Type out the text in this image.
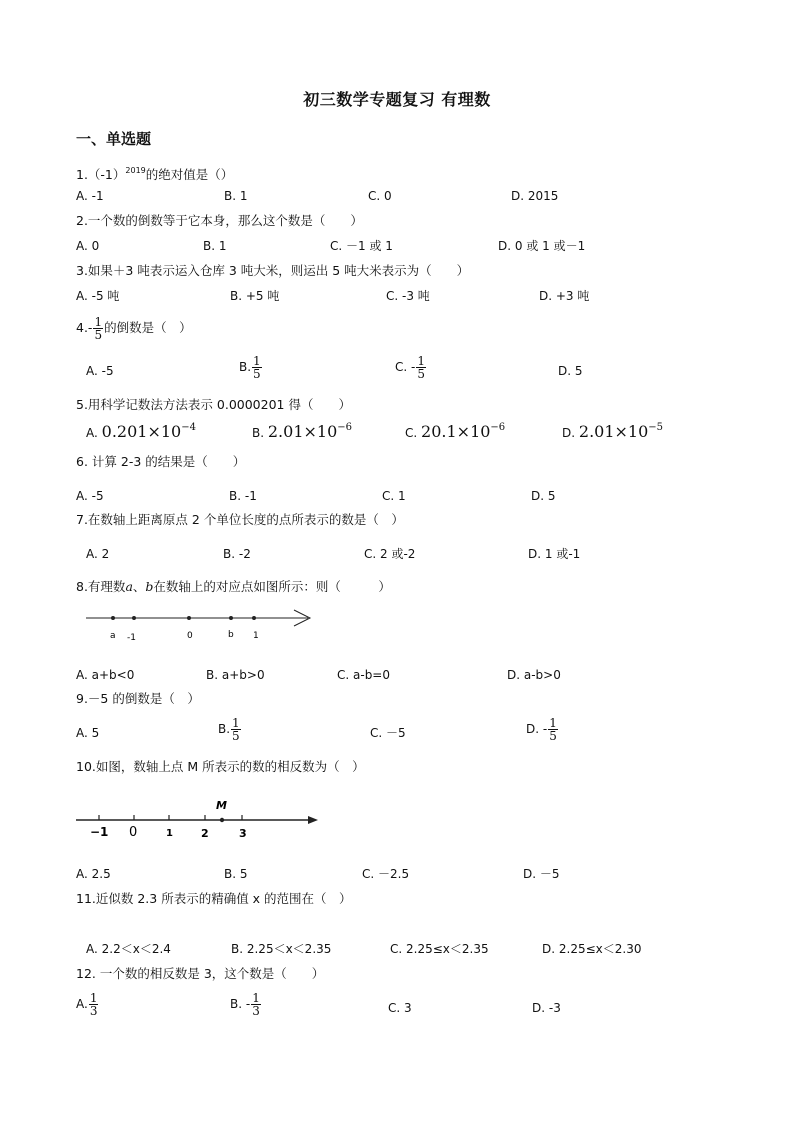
初三数学专题复习 有理数
一、单选题
$1.(-1)^{2019}$的绝对值是（）
A. -1	B. 1	C. 0	D. 2015
2.一个数的倒数等于它本身，那么这个数是（　　）
A. 0	B. 1	C. －1 或 1	D. 0 或 1 或－1
3.如果＋3 吨表示运入仓库 3 吨大米，则运出 5 吨大米表示为（　　）
A. -5 吨	B. +5 吨	C. -3 吨	D. +3 吨
$4.- \frac{1}{5}$ 的倒数是（　）
A. -5	B. $\frac{1}{5}$	C. - $\frac{1}{5}$	D. 5
5.用科学记数法方法表示 0.0000201 得（　　）
A. $0.201\times 10^{-4}$	B. $2.01\times 10^{-6}$	C. $20.1\times 10^{-6}$	D. $2.01\times 10^{-5}$
6. 计算 2-3 的结果是（　　）
A. -5	B. -1	C. 1	D. 5
7.在数轴上距离原点 2 个单位长度的点所表示的数是（　）
A. 2	B. -2	C. 2 或-2	D. 1 或-1
8.有理数a、b在数轴上的对应点如图所示：则（　　　）
a -1	0	b 1
A. a+b<0	B. a+b>0	C. a-b=0	D. a-b>0
9.－5 的倒数是（　）
A. 5	B. $\frac{1}{5}$	C. －5	D. - $\frac{1}{5}$
10.如图，数轴上点 M 所表示的数的相反数为（　）
M
−1 0	1	2	3
A. 2.5	B. 5	C. －2.5	D. －5
11.近似数 2.3 所表示的精确值 x 的范围在（　）
A. 2.2＜x＜2.4	B. 2.25＜x＜2.35	C. 2.25≤x＜2.35	D. 2.25≤x＜2.30
12. 一个数的相反数是 3，这个数是（　　）
A. $\frac{1}{3}$	B. - $\frac{1}{3}$	C. 3	D. -3
